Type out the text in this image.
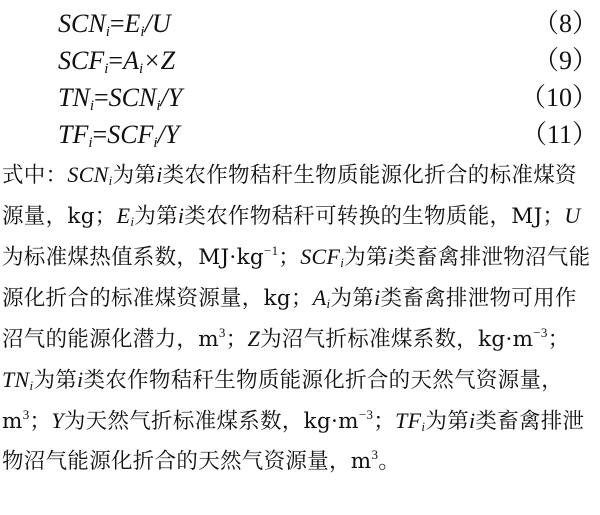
$SCN_i=E_i/U$	（8）
$SCF_i=A_i\times Z$	（9）
$TN_i=SCN_i/Y$	（10）
$TF_i=SCF_i/Y$	（11）
式中：$SCN_i$为第i类农作物秸秆生物质能源化折合的标准煤资源量，kg；$E_i$为第i类农作物秸秆可转换的生物质能，MJ；U为标准煤热值系数，$MJ\cdot kg^{-1}$；$SCF_i$为第i类畜禽排泄物沼气能源化折合的标准煤资源量，kg；$A_i$为第i类畜禽排泄物可用作沼气的能源化潜力，$m^3$；Z为沼气折标准煤系数，$kg\cdot m^{-3}$；$TN_i$为第i类农作物秸秆生物质能源化折合的天然气资源量，$m^3$；Y为天然气折标准煤系数，$kg\cdot m^{-3}$；$TF_i$为第i类畜禽排泄物沼气能源化折合的天然气资源量，$m^3$。
